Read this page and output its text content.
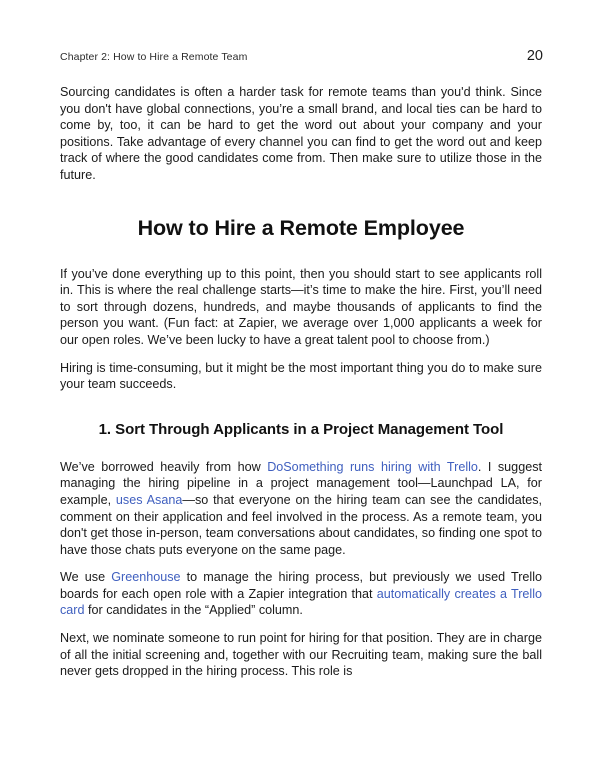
Chapter 2: How to Hire a Remote Team	20

Sourcing candidates is often a harder task for remote teams than you'd think. Since you don't have global connections, you’re a small brand, and local ties can be hard to come by, too, it can be hard to get the word out about your company and your positions. Take advantage of every channel you can find to get the word out and keep track of where the good candidates come from. Then make sure to utilize those in the future.

How to Hire a Remote Employee

If you’ve done everything up to this point, then you should start to see applicants roll in. This is where the real challenge starts—it’s time to make the hire. First, you’ll need to sort through dozens, hundreds, and maybe thousands of applicants to find the person you want. (Fun fact: at Zapier, we average over 1,000 applicants a week for our open roles. We’ve been lucky to have a great talent pool to choose from.)

Hiring is time-consuming, but it might be the most important thing you do to make sure your team succeeds.

1. Sort Through Applicants in a Project Management Tool

We’ve borrowed heavily from how DoSomething runs hiring with Trello. I suggest managing the hiring pipeline in a project management tool—Launchpad LA, for example, uses Asana—so that everyone on the hiring team can see the candidates, comment on their application and feel involved in the process. As a remote team, you don't get those in-person, team conversations about candidates, so finding one spot to have those chats puts everyone on the same page.

We use Greenhouse to manage the hiring process, but previously we used Trello boards for each open role with a Zapier integration that automatically creates a Trello card for candidates in the “Applied” column.

Next, we nominate someone to run point for hiring for that position. They are in charge of all the initial screening and, together with our Recruiting team, making sure the ball never gets dropped in the hiring process. This role is
